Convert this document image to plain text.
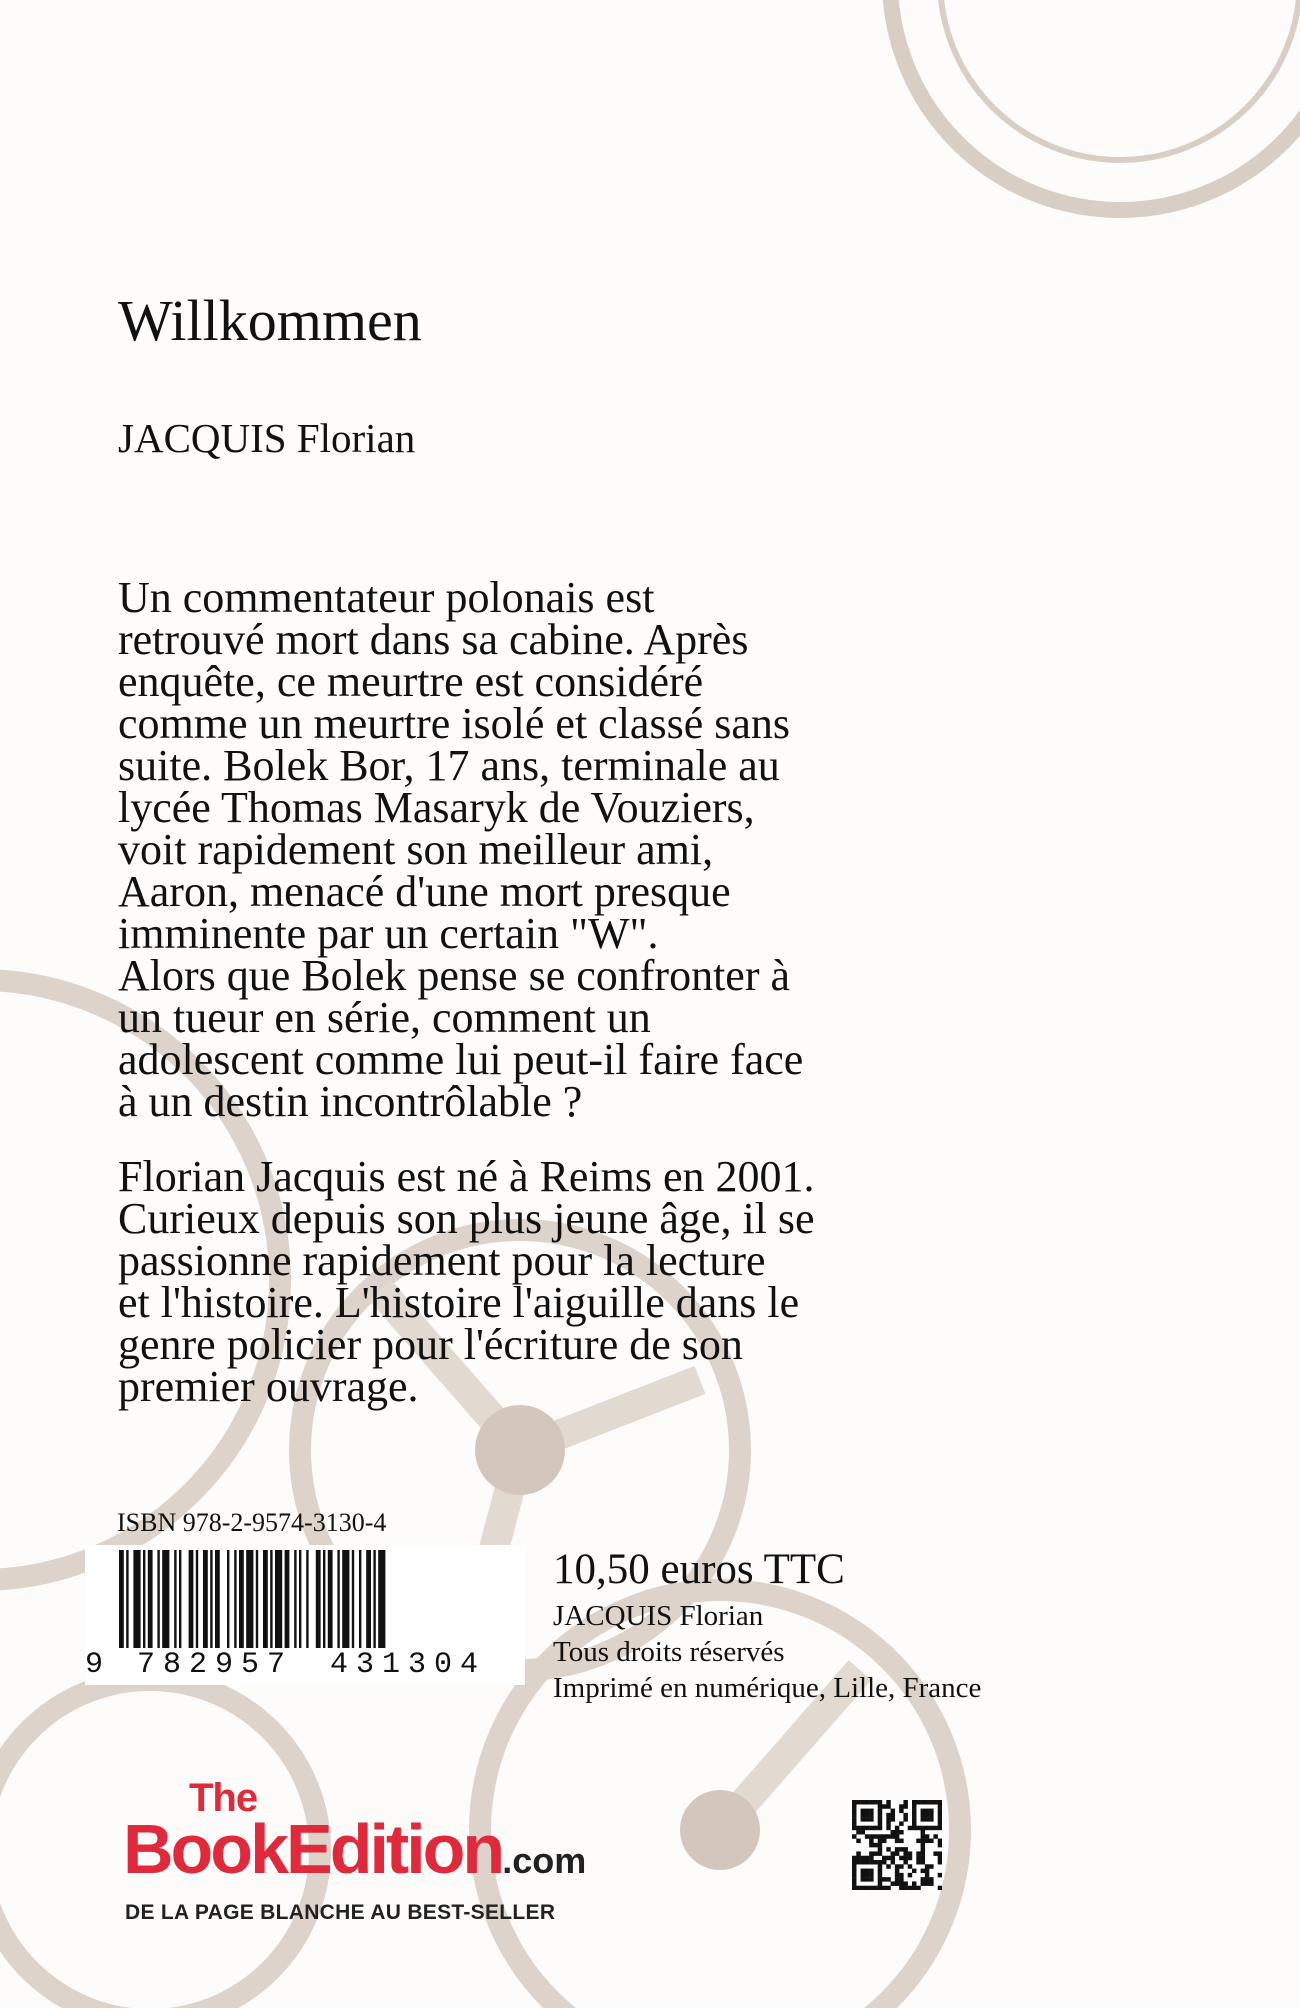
Willkommen
JACQUIS Florian

Un commentateur polonais est
retrouvé mort dans sa cabine. Après
enquête, ce meurtre est considéré
comme un meurtre isolé et classé sans
suite. Bolek Bor, 17 ans, terminale au
lycée Thomas Masaryk de Vouziers,
voit rapidement son meilleur ami,
Aaron, menacé d'une mort presque
imminente par un certain "W".
Alors que Bolek pense se confronter à
un tueur en série, comment un
adolescent comme lui peut-il faire face
à un destin incontrôlable ?

Florian Jacquis est né à Reims en 2001.
Curieux depuis son plus jeune âge, il se
passionne rapidement pour la lecture
et l'histoire. L'histoire l'aiguille dans le
genre policier pour l'écriture de son
premier ouvrage.

ISBN 978-2-9574-3130-4
9 782957 431304
10,50 euros TTC
JACQUIS Florian
Tous droits réservés
Imprimé en numérique, Lille, France
The
BookEdition.com
DE LA PAGE BLANCHE AU BEST-SELLER
